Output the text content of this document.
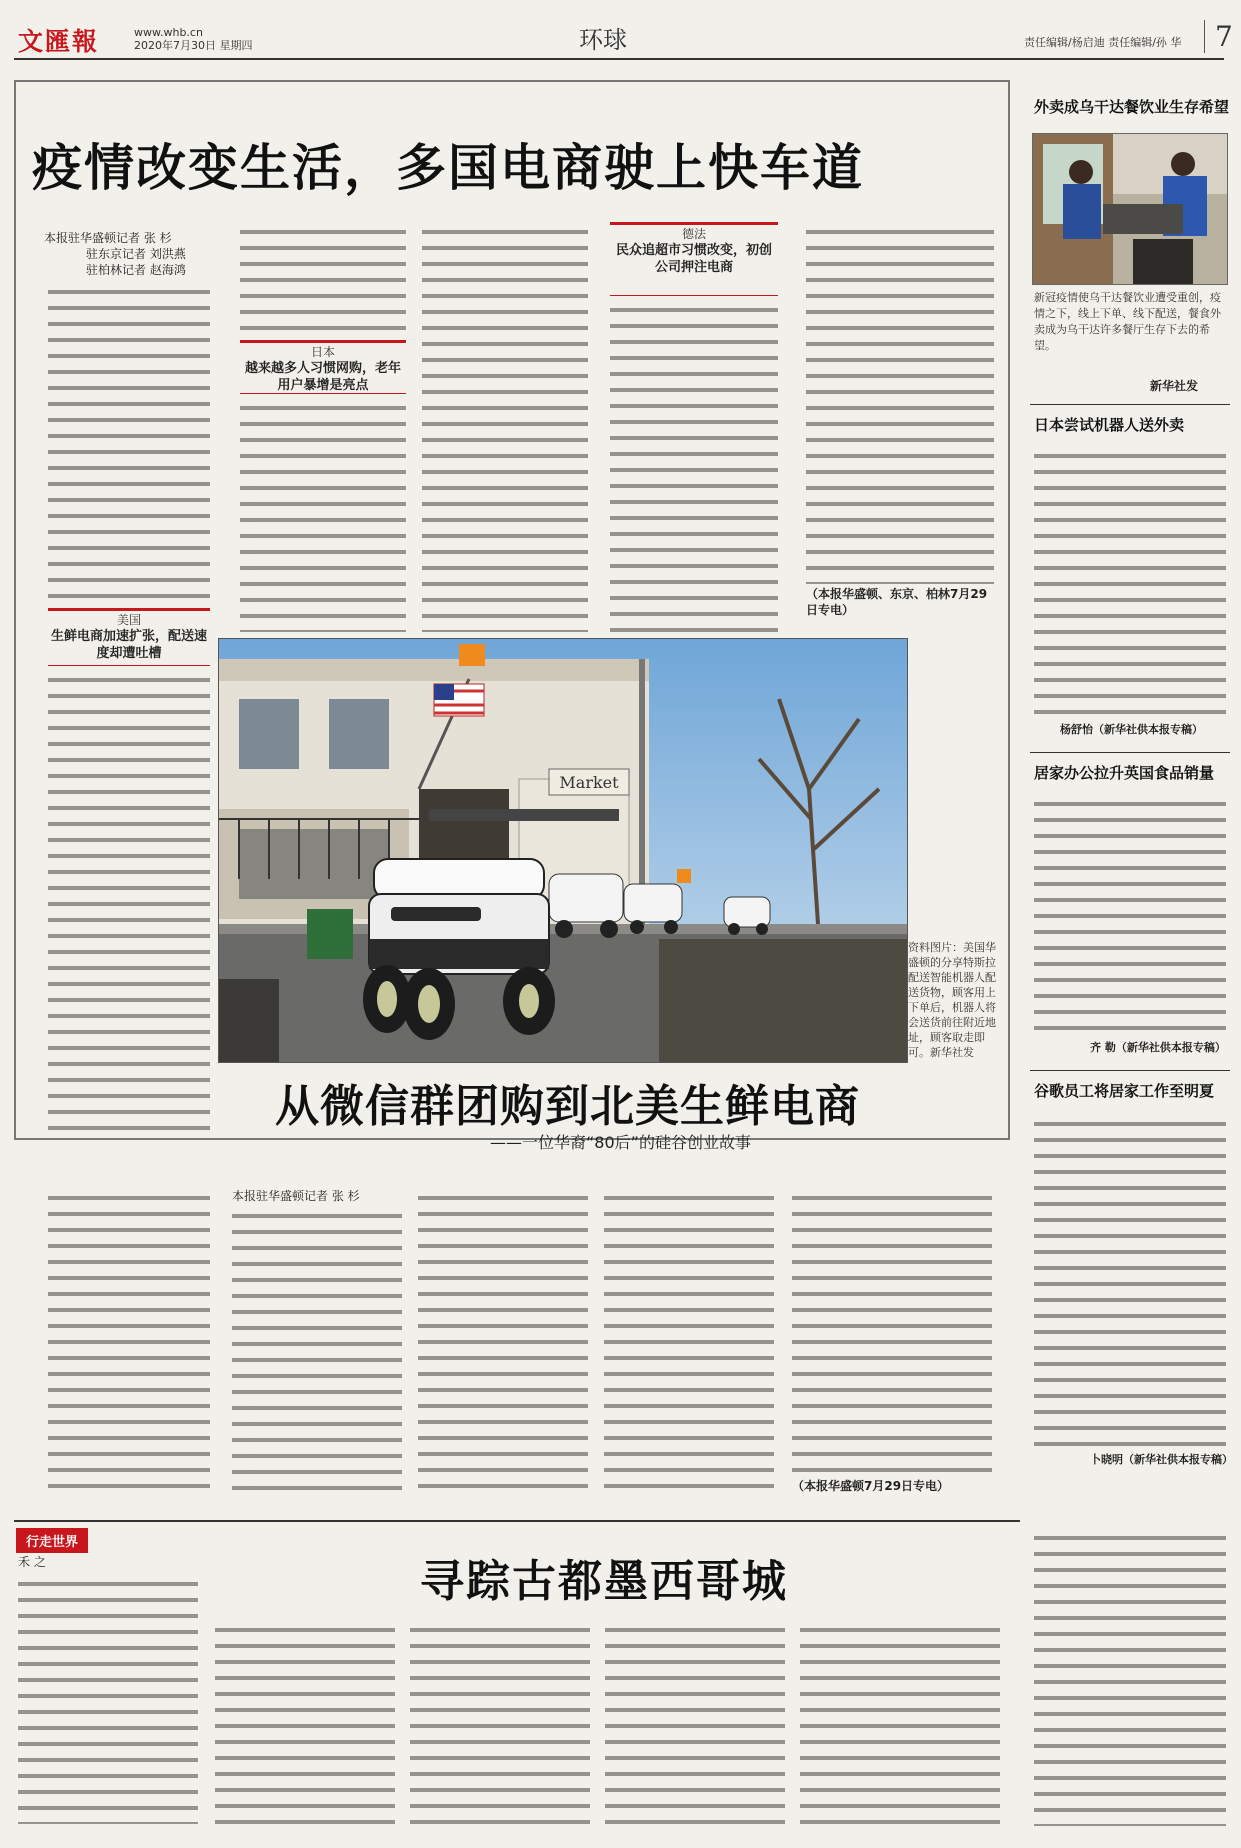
文匯報	www.whb.cn
2020年7月30日 星期四	环球	责任编辑/杨启迪 责任编辑/孙 华	7
疫情改变生活，多国电商驶上快车道
本报驻华盛顿记者 张 杉
驻东京记者 刘洪燕
驻柏林记者 赵海鸿
日本
越来越多人习惯网购，老年用户暴增是亮点
德法
民众追超市习惯改变，初创公司押注电商
美国
生鲜电商加速扩张，配送速度却遭吐槽
（本报华盛顿、东京、柏林7月29日专电）
Market
资料图片：美国华盛顿的分享特斯拉配送智能机器人配送货物，顾客用上下单后，机器人将会送货前往附近地址，顾客取走即可。新华社发
从微信群团购到北美生鲜电商
——一位华裔“80后”的硅谷创业故事
本报驻华盛顿记者 张 杉
（本报华盛顿7月29日专电）
外卖成乌干达餐饮业生存希望
新冠疫情使乌干达餐饮业遭受重创，疫情之下，线上下单、线下配送，餐食外卖成为乌干达许多餐厅生存下去的希望。
新华社发
日本尝试机器人送外卖
杨舒怡（新华社供本报专稿）
居家办公拉升英国食品销量
齐 勒（新华社供本报专稿）
谷歌员工将居家工作至明夏
卜晓明（新华社供本报专稿）
行走世界
禾 之	寻踪古都墨西哥城
